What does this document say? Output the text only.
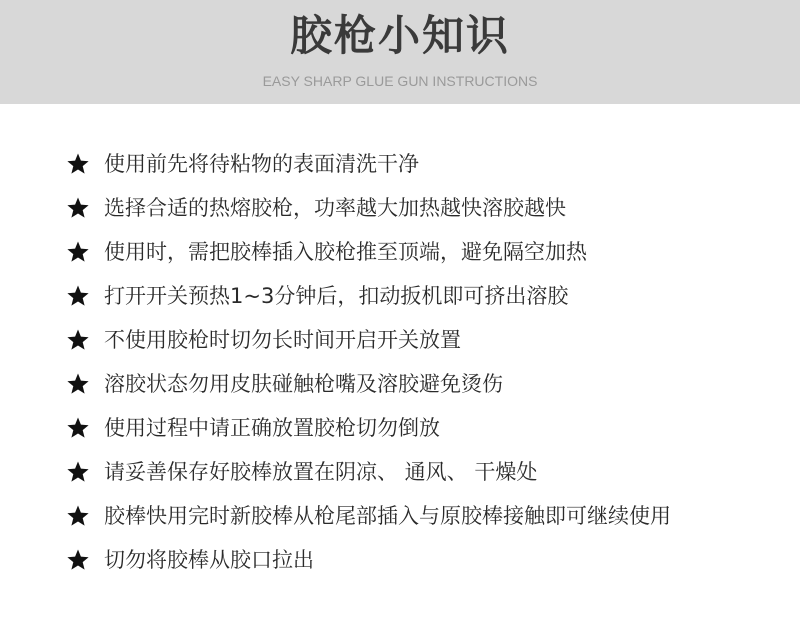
胶枪小知识
EASY SHARP GLUE GUN INSTRUCTIONS
使用前先将待粘物的表面清洗干净
选择合适的热熔胶枪，功率越大加热越快溶胶越快
使用时，需把胶棒插入胶枪推至顶端，避免隔空加热
打开开关预热1~3分钟后，扣动扳机即可挤出溶胶
不使用胶枪时切勿长时间开启开关放置
溶胶状态勿用皮肤碰触枪嘴及溶胶避免烫伤
使用过程中请正确放置胶枪切勿倒放
请妥善保存好胶棒放置在阴凉、 通风、 干燥处
胶棒快用完时新胶棒从枪尾部插入与原胶棒接触即可继续使用
切勿将胶棒从胶口拉出
